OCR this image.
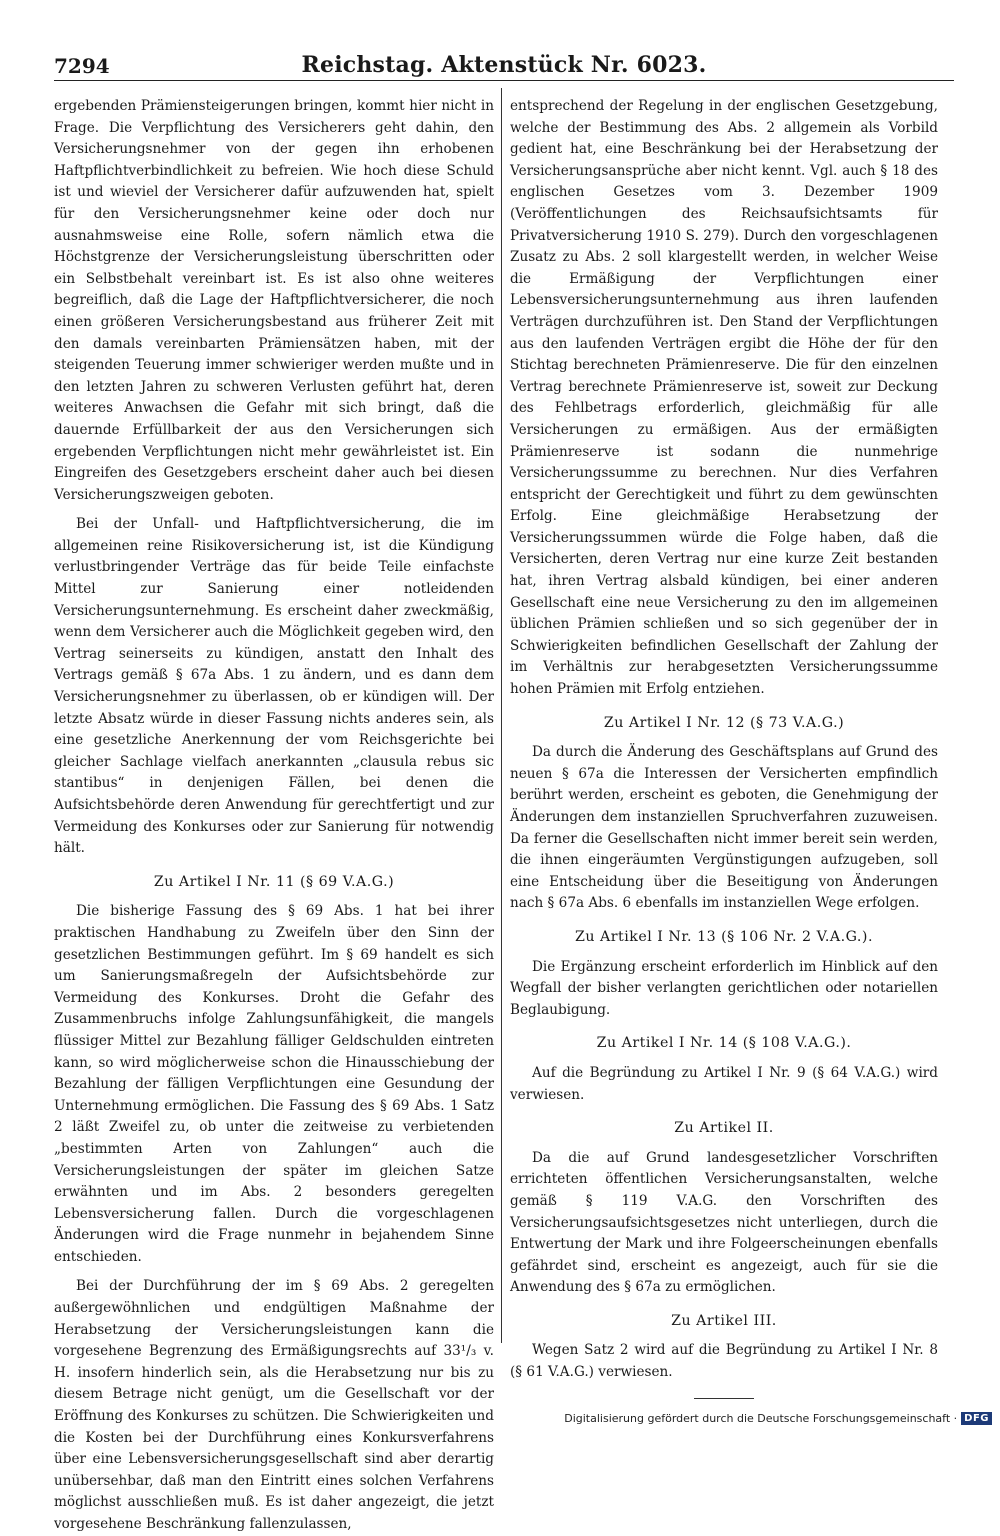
7294	Reichstag. Aktenstück Nr. 6023.

ergebenden Prämiensteigerungen bringen, kommt hier nicht in Frage. Die Verpflichtung des Versicherers geht dahin, den Versicherungsnehmer von der gegen ihn erhobenen Haftpflichtverbindlichkeit zu befreien. Wie hoch diese Schuld ist und wieviel der Versicherer dafür aufzuwenden hat, spielt für den Versicherungsnehmer keine oder doch nur ausnahmsweise eine Rolle, sofern nämlich etwa die Höchstgrenze der Versicherungsleistung überschritten oder ein Selbstbehalt vereinbart ist. Es ist also ohne weiteres begreiflich, daß die Lage der Haftpflichtversicherer, die noch einen größeren Versicherungsbestand aus früherer Zeit mit den damals vereinbarten Prämiensätzen haben, mit der steigenden Teuerung immer schwieriger werden mußte und in den letzten Jahren zu schweren Verlusten geführt hat, deren weiteres Anwachsen die Gefahr mit sich bringt, daß die dauernde Erfüllbarkeit der aus den Versicherungen sich ergebenden Verpflichtungen nicht mehr gewährleistet ist. Ein Eingreifen des Gesetzgebers erscheint daher auch bei diesen Versicherungszweigen geboten.

Bei der Unfall- und Haftpflichtversicherung, die im allgemeinen reine Risikoversicherung ist, ist die Kündigung verlustbringender Verträge das für beide Teile einfachste Mittel zur Sanierung einer notleidenden Versicherungsunternehmung. Es erscheint daher zweckmäßig, wenn dem Versicherer auch die Möglichkeit gegeben wird, den Vertrag seinerseits zu kündigen, anstatt den Inhalt des Vertrags gemäß § 67a Abs. 1 zu ändern, und es dann dem Versicherungsnehmer zu überlassen, ob er kündigen will. Der letzte Absatz würde in dieser Fassung nichts anderes sein, als eine gesetzliche Anerkennung der vom Reichsgerichte bei gleicher Sachlage vielfach anerkannten „clausula rebus sic stantibus“ in denjenigen Fällen, bei denen die Aufsichtsbehörde deren Anwendung für gerechtfertigt und zur Vermeidung des Konkurses oder zur Sanierung für notwendig hält.

Zu Artikel I Nr. 11 (§ 69 V.A.G.)

Die bisherige Fassung des § 69 Abs. 1 hat bei ihrer praktischen Handhabung zu Zweifeln über den Sinn der gesetzlichen Bestimmungen geführt. Im § 69 handelt es sich um Sanierungsmaßregeln der Aufsichtsbehörde zur Vermeidung des Konkurses. Droht die Gefahr des Zusammenbruchs infolge Zahlungsunfähigkeit, die mangels flüssiger Mittel zur Bezahlung fälliger Geldschulden eintreten kann, so wird möglicherweise schon die Hinausschiebung der Bezahlung der fälligen Verpflichtungen eine Gesundung der Unternehmung ermöglichen. Die Fassung des § 69 Abs. 1 Satz 2 läßt Zweifel zu, ob unter die zeitweise zu verbietenden „bestimmten Arten von Zahlungen“ auch die Versicherungsleistungen der später im gleichen Satze erwähnten und im Abs. 2 besonders geregelten Lebensversicherung fallen. Durch die vorgeschlagenen Änderungen wird die Frage nunmehr in bejahendem Sinne entschieden.

Bei der Durchführung der im § 69 Abs. 2 geregelten außergewöhnlichen und endgültigen Maßnahme der Herabsetzung der Versicherungsleistungen kann die vorgesehene Begrenzung des Ermäßigungsrechts auf 33¹/₃ v. H. insofern hinderlich sein, als die Herabsetzung nur bis zu diesem Betrage nicht genügt, um die Gesellschaft vor der Eröffnung des Konkurses zu schützen. Die Schwierigkeiten und die Kosten bei der Durchführung eines Konkursverfahrens über eine Lebensversicherungsgesellschaft sind aber derartig unübersehbar, daß man den Eintritt eines solchen Verfahrens möglichst ausschließen muß. Es ist daher angezeigt, die jetzt vorgesehene Beschränkung fallenzulassen,

entsprechend der Regelung in der englischen Gesetzgebung, welche der Bestimmung des Abs. 2 allgemein als Vorbild gedient hat, eine Beschränkung bei der Herabsetzung der Versicherungsansprüche aber nicht kennt. Vgl. auch § 18 des englischen Gesetzes vom 3. Dezember 1909 (Veröffentlichungen des Reichsaufsichtsamts für Privatversicherung 1910 S. 279). Durch den vorgeschlagenen Zusatz zu Abs. 2 soll klargestellt werden, in welcher Weise die Ermäßigung der Verpflichtungen einer Lebensversicherungsunternehmung aus ihren laufenden Verträgen durchzuführen ist. Den Stand der Verpflichtungen aus den laufenden Verträgen ergibt die Höhe der für den Stichtag berechneten Prämienreserve. Die für den einzelnen Vertrag berechnete Prämienreserve ist, soweit zur Deckung des Fehlbetrags erforderlich, gleichmäßig für alle Versicherungen zu ermäßigen. Aus der ermäßigten Prämienreserve ist sodann die nunmehrige Versicherungssumme zu berechnen. Nur dies Verfahren entspricht der Gerechtigkeit und führt zu dem gewünschten Erfolg. Eine gleichmäßige Herabsetzung der Versicherungssummen würde die Folge haben, daß die Versicherten, deren Vertrag nur eine kurze Zeit bestanden hat, ihren Vertrag alsbald kündigen, bei einer anderen Gesellschaft eine neue Versicherung zu den im allgemeinen üblichen Prämien schließen und so sich gegenüber der in Schwierigkeiten befindlichen Gesellschaft der Zahlung der im Verhältnis zur herabgesetzten Versicherungssumme hohen Prämien mit Erfolg entziehen.

Zu Artikel I Nr. 12 (§ 73 V.A.G.)

Da durch die Änderung des Geschäftsplans auf Grund des neuen § 67a die Interessen der Versicherten empfindlich berührt werden, erscheint es geboten, die Genehmigung der Änderungen dem instanziellen Spruchverfahren zuzuweisen. Da ferner die Gesellschaften nicht immer bereit sein werden, die ihnen eingeräumten Vergünstigungen aufzugeben, soll eine Entscheidung über die Beseitigung von Änderungen nach § 67a Abs. 6 ebenfalls im instanziellen Wege erfolgen.

Zu Artikel I Nr. 13 (§ 106 Nr. 2 V.A.G.).

Die Ergänzung erscheint erforderlich im Hinblick auf den Wegfall der bisher verlangten gerichtlichen oder notariellen Beglaubigung.

Zu Artikel I Nr. 14 (§ 108 V.A.G.).

Auf die Begründung zu Artikel I Nr. 9 (§ 64 V.A.G.) wird verwiesen.

Zu Artikel II.

Da die auf Grund landesgesetzlicher Vorschriften errichteten öffentlichen Versicherungsanstalten, welche gemäß § 119 V.A.G. den Vorschriften des Versicherungsaufsichtsgesetzes nicht unterliegen, durch die Entwertung der Mark und ihre Folgeerscheinungen ebenfalls gefährdet sind, erscheint es angezeigt, auch für sie die Anwendung des § 67a zu ermöglichen.

Zu Artikel III.

Wegen Satz 2 wird auf die Begründung zu Artikel I Nr. 8 (§ 61 V.A.G.) verwiesen.

Digitalisierung gefördert durch die Deutsche Forschungsgemeinschaft · DFG
